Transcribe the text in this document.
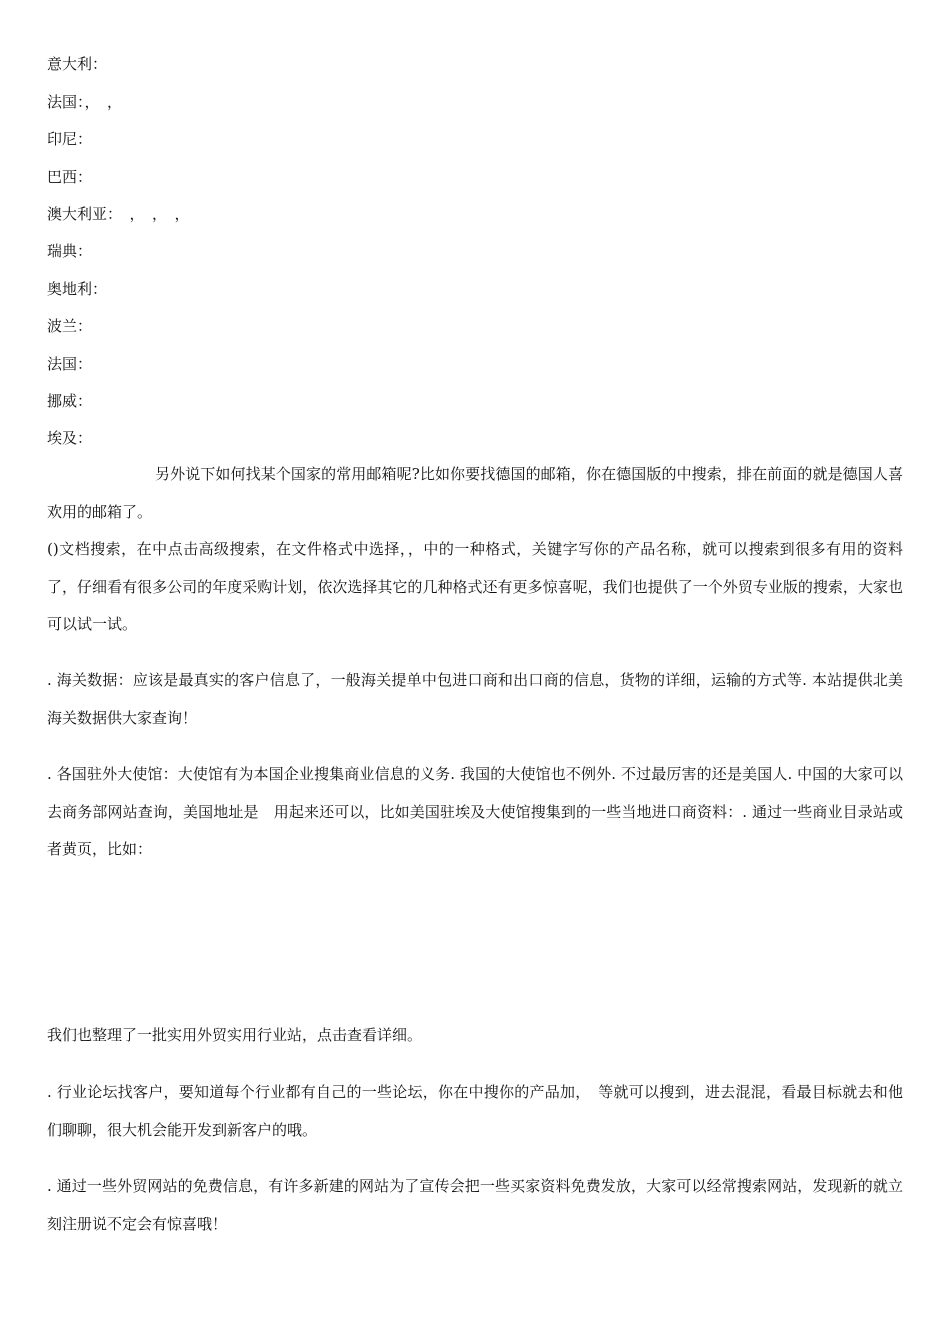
意大利：
法国：，　，
印尼：
巴西：
澳大利亚：　，　，　，
瑞典：
奥地利：
波兰：
法国：
挪威：
埃及：
另外说下如何找某个国家的常用邮箱呢?比如你要找德国的邮箱，你在德国版的中搜索，排在前面的就是德国人喜欢用的邮箱了。
()文档搜索，在中点击高级搜索，在文件格式中选择，，中的一种格式，关键字写你的产品名称，就可以搜索到很多有用的资料了，仔细看有很多公司的年度采购计划，依次选择其它的几种格式还有更多惊喜呢，我们也提供了一个外贸专业版的搜索，大家也可以试一试。
. 海关数据：应该是最真实的客户信息了，一般海关提单中包进口商和出口商的信息，货物的详细，运输的方式等. 本站提供北美海关数据供大家查询！
. 各国驻外大使馆：大使馆有为本国企业搜集商业信息的义务. 我国的大使馆也不例外. 不过最厉害的还是美国人. 中国的大家可以去商务部网站查询，美国地址是　用起来还可以，比如美国驻埃及大使馆搜集到的一些当地进口商资料：. 通过一些商业目录站或者黄页，比如：
我们也整理了一批实用外贸实用行业站，点击查看详细。
. 行业论坛找客户，要知道每个行业都有自己的一些论坛，你在中搜你的产品加，　等就可以搜到，进去混混，看最目标就去和他们聊聊，很大机会能开发到新客户的哦。
. 通过一些外贸网站的免费信息，有许多新建的网站为了宣传会把一些买家资料免费发放，大家可以经常搜索网站，发现新的就立刻注册说不定会有惊喜哦！
